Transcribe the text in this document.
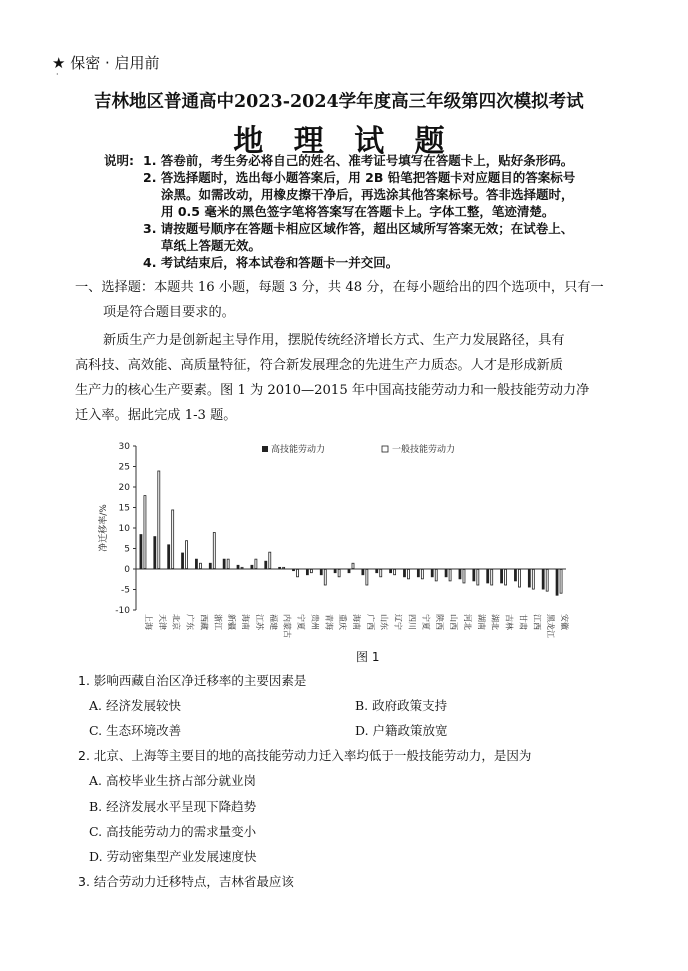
★ 保密 · 启用前
·
吉林地区普通高中2023-2024学年度高三年级第四次模拟考试
地 理 试 题
说明: 1. 答卷前，考生务必将自己的姓名、准考证号填写在答题卡上，贴好条形码。
2. 答选择题时，选出每小题答案后，用 2B 铅笔把答题卡对应题目的答案标号
涂黑。如需改动，用橡皮擦干净后，再选涂其他答案标号。答非选择题时，
用 0.5 毫米的黑色签字笔将答案写在答题卡上。字体工整，笔迹清楚。
3. 请按题号顺序在答题卡相应区域作答，超出区域所写答案无效；在试卷上、
草纸上答题无效。
4. 考试结束后，将本试卷和答题卡一并交回。
一、选择题：本题共 16 小题，每题 3 分，共 48 分，在每小题给出的四个选项中，只有一
项是符合题目要求的。
新质生产力是创新起主导作用，摆脱传统经济增长方式、生产力发展路径，具有
高科技、高效能、高质量特征，符合新发展理念的先进生产力质态。人才是形成新质
生产力的核心生产要素。图 1 为 2010—2015 年中国高技能劳动力和一般技能劳动力净
迁入率。据此完成 1-3 题。
30
25
20
15
10
5
0
-5
-10
净迁移率/%
上海 天津 北京 广东 西藏 浙江 新疆 海南 江苏 福建 内蒙古 宁夏 贵州 青海 重庆 海南 广西 山东 辽宁 四川 宁夏 陕西 山西 河北 湖南 湖北 吉林 甘肃 江西 黑龙江 安徽
高技能劳动力	一般技能劳动力
图 1
1. 影响西藏自治区净迁移率的主要因素是
A. 经济发展较快	B. 政府政策支持
C. 生态环境改善	D. 户籍政策放宽
2. 北京、上海等主要目的地的高技能劳动力迁入率均低于一般技能劳动力，是因为
A. 高校毕业生挤占部分就业岗
B. 经济发展水平呈现下降趋势
C. 高技能劳动力的需求量变小
D. 劳动密集型产业发展速度快
3. 结合劳动力迁移特点，吉林省最应该
